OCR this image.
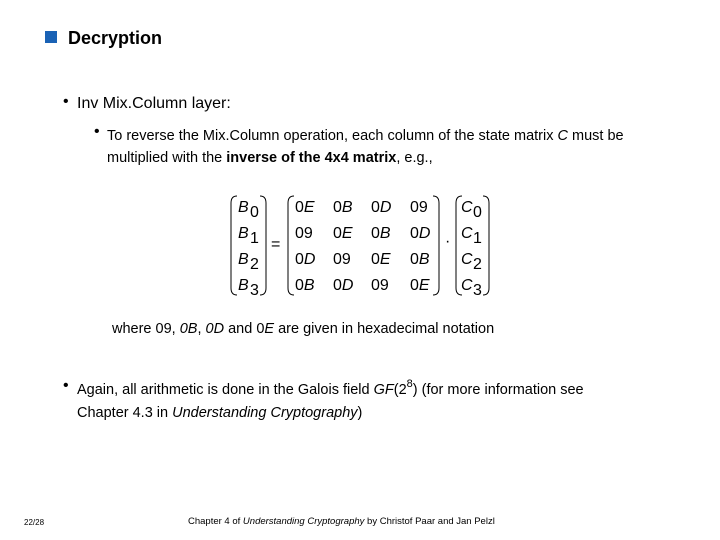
Decryption
• Inv Mix.Column layer:
• To reverse the Mix.Column operation, each column of the state matrix C must be multiplied with the inverse of the 4x4 matrix, e.g.,
B 0
B 1
B 2
B 3
C 0
C 1
C 2
C 3
=	·
0E 0B 0D 09
09 0E 0B 0D
0D 09 0E 0B
0B 0D 09 0E
where 09, 0B, 0D and 0E are given in hexadecimal notation
• Again, all arithmetic is done in the Galois field $GF(2^8)$ (for more information see Chapter 4.3 in Understanding Cryptography)
22/28	Chapter 4 of Understanding Cryptography by Christof Paar and Jan Pelzl
